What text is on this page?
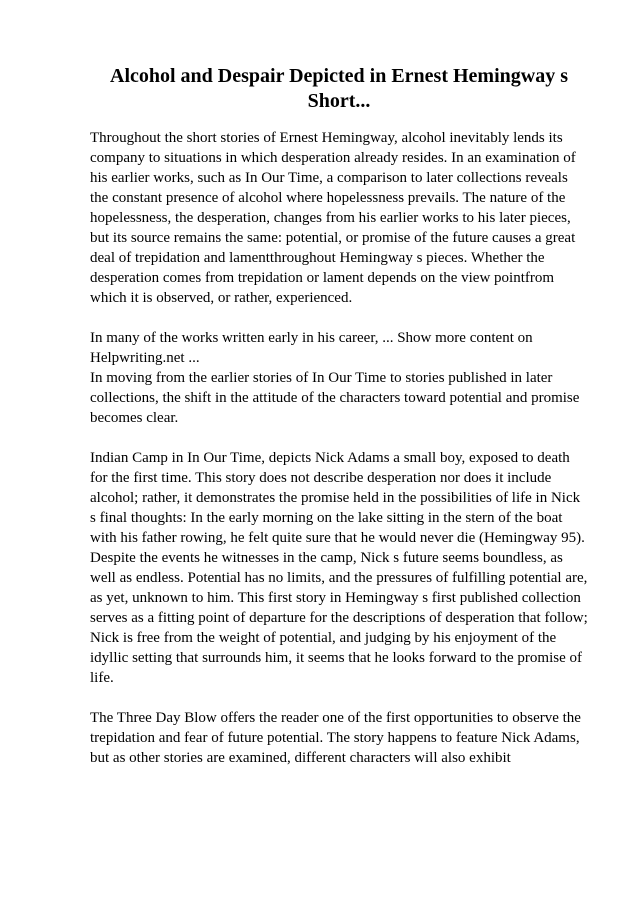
Alcohol and Despair Depicted in Ernest Hemingway s Short...

Throughout the short stories of Ernest Hemingway, alcohol inevitably lends its company to situations in which desperation already resides. In an examination of his earlier works, such as In Our Time, a comparison to later collections reveals the constant presence of alcohol where hopelessness prevails. The nature of the hopelessness, the desperation, changes from his earlier works to his later pieces, but its source remains the same: potential, or promise of the future causes a great deal of trepidation and lamentthroughout Hemingway s pieces. Whether the desperation comes from trepidation or lament depends on the view pointfrom which it is observed, or rather, experienced.

In many of the works written early in his career, ... Show more content on Helpwriting.net ...

In moving from the earlier stories of In Our Time to stories published in later collections, the shift in the attitude of the characters toward potential and promise becomes clear.

Indian Camp in In Our Time, depicts Nick Adams a small boy, exposed to death for the first time. This story does not describe desperation nor does it include alcohol; rather, it demonstrates the promise held in the possibilities of life in Nick s final thoughts: In the early morning on the lake sitting in the stern of the boat with his father rowing, he felt quite sure that he would never die (Hemingway 95). Despite the events he witnesses in the camp, Nick s future seems boundless, as well as endless. Potential has no limits, and the pressures of fulfilling potential are, as yet, unknown to him. This first story in Hemingway s first published collection serves as a fitting point of departure for the descriptions of desperation that follow; Nick is free from the weight of potential, and judging by his enjoyment of the idyllic setting that surrounds him, it seems that he looks forward to the promise of life.

The Three Day Blow offers the reader one of the first opportunities to observe the trepidation and fear of future potential. The story happens to feature Nick Adams, but as other stories are examined, different characters will also exhibit
